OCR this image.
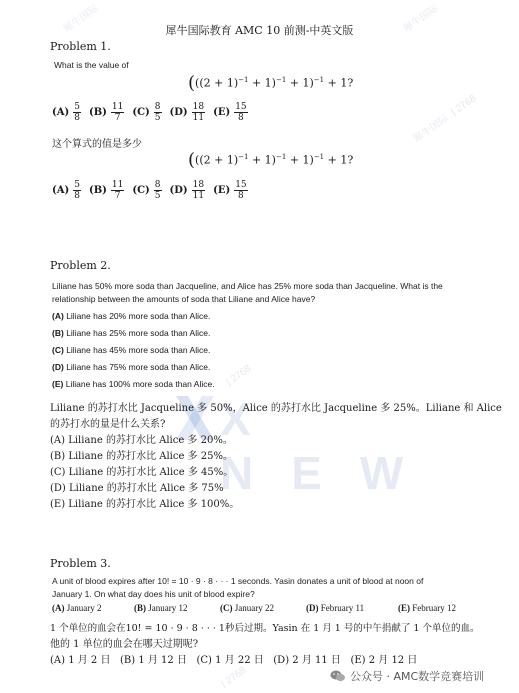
犀牛国际
| 2768
犀牛国际
犀牛国际
| 2768
| 2768
X NEW
犀牛国际教育 AMC 10 前测-中英文版
Problem 1.
What is the value of
$(((2 + 1)^{-1} + 1)^{-1} + 1)^{-1} + 1$?
$(A) \frac{5}{8} (B) \frac{11}{7} (C) \frac{8}{5} (D) \frac{18}{11} (E) \frac{15}{8}$
这个算式的值是多少
$(((2 + 1)^{-1} + 1)^{-1} + 1)^{-1} + 1$?
$(A) \frac{5}{8} (B) \frac{11}{7} (C) \frac{8}{5} (D) \frac{18}{11} (E) \frac{15}{8}$
Problem 2.
Liliane has 50% more soda than Jacqueline, and Alice has 25% more soda than Jacqueline. What is the
relationship between the amounts of soda that Liliane and Alice have?
(A) Liliane has 20% more soda than Alice.
(B) Liliane has 25% more soda than Alice.
(C) Liliane has 45% more soda than Alice.
(D) Liliane has 75% more soda than Alice.
(E) Liliane has 100% more soda than Alice.
Liliane 的苏打水比 Jacqueline 多 50%，Alice 的苏打水比 Jacqueline 多 25%。Liliane 和 Alice
的苏打水的量是什么关系?
(A) Liliane 的苏打水比 Alice 多 20%。
(B) Liliane 的苏打水比 Alice 多 25%。
(C) Liliane 的苏打水比 Alice 多 45%。
(D) Liliane 的苏打水比 Alice 多 75%
(E) Liliane 的苏打水比 Alice 多 100%。
Problem 3.
A unit of blood expires after 10! = 10 · 9 · 8 · · · 1 seconds. Yasin donates a unit of blood at noon of
January 1. On what day does his unit of blood expire?
(A) January 2	(B) January 12	(C) January 22	(D) February 11	(E) February 12
1 个单位的血会在10! = 10 · 9 · 8 · · · 1秒后过期。Yasin 在 1 月 1 号的中午捐献了 1 个单位的血。
他的 1 单位的血会在哪天过期呢?
(A) 1 月 2 日   (B) 1 月 12 日   (C) 1 月 22 日   (D) 2 月 11 日   (E) 2 月 12 日
公众号 · AMC数学竞赛培训
